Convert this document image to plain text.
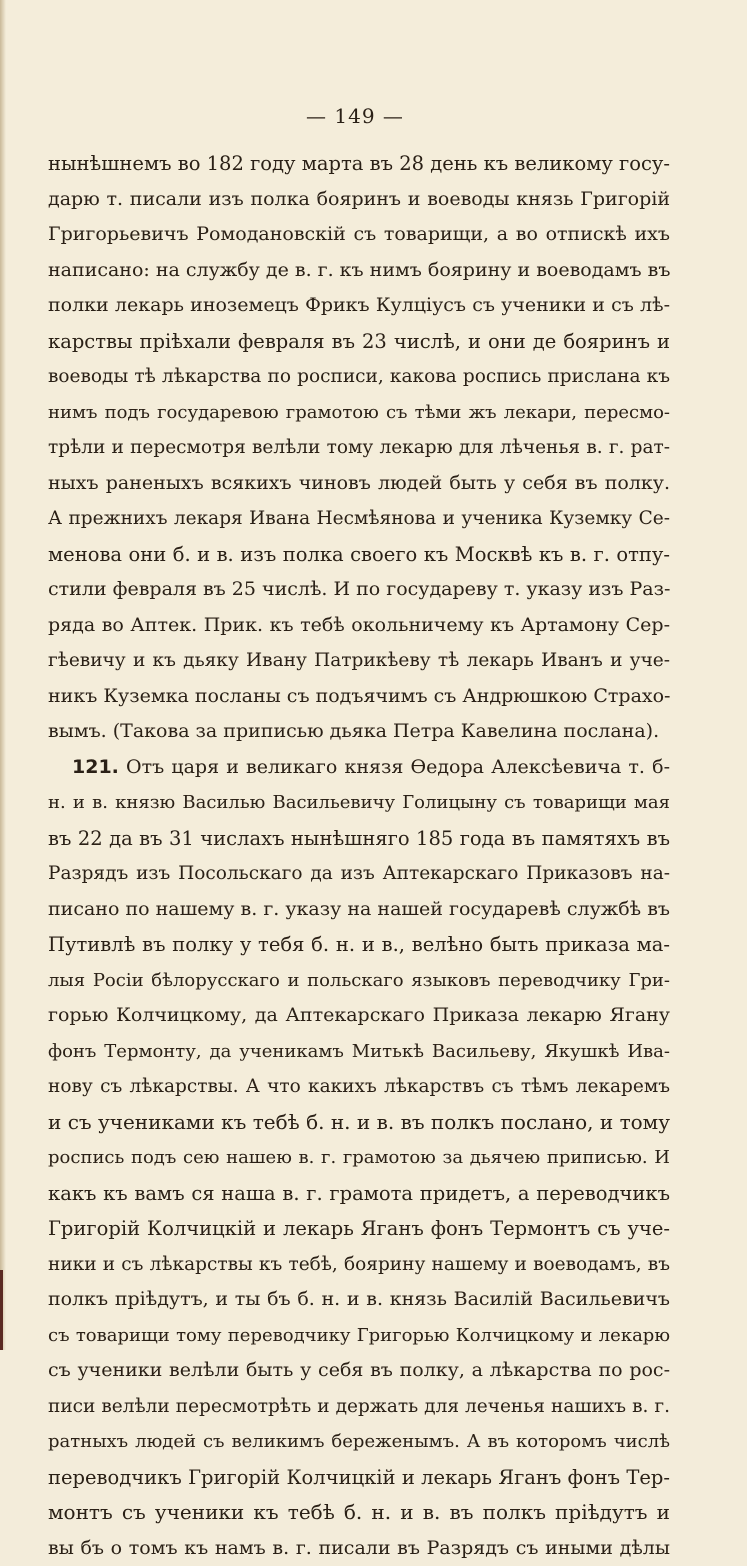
— 149 —
нынѣшнемъ во 182 году марта въ 28 день къ великому госу-
дарю т. писали изъ полка бояринъ и воеводы князь Григорій
Григорьевичъ Ромодановскій съ товарищи, а во отпискѣ ихъ
написано: на службу де в. г. къ нимъ боярину и воеводамъ въ
полки лекарь иноземецъ Фрикъ Кулціусъ съ ученики и съ лѣ-
карствы пріѣхали февраля въ 23 числѣ, и они де бояринъ и
воеводы тѣ лѣкарства по росписи, какова роспись прислана къ
нимъ подъ государевою грамотою съ тѣми жъ лекари, пересмо-
трѣли и пересмотря велѣли тому лекарю для лѣченья в. г. рат-
ныхъ раненыхъ всякихъ чиновъ людей быть у себя въ полку.
А прежнихъ лекаря Ивана Несмѣянова и ученика Куземку Се-
менова они б. и в. изъ полка своего къ Москвѣ къ в. г. отпу-
стили февраля въ 25 числѣ. И по государеву т. указу изъ Раз-
ряда во Аптек. Прик. къ тебѣ окольничему къ Артамону Сер-
гѣевичу и къ дьяку Ивану Патрикѣеву тѣ лекарь Иванъ и уче-
никъ Куземка посланы съ подъячимъ съ Андрюшкою Страхо-
вымъ. (Такова за приписью дьяка Петра Кавелина послана).
121. Отъ царя и великаго князя Ѳедора Алексѣевича т. б-
н. и в. князю Василью Васильевичу Голицыну съ товарищи мая
въ 22 да въ 31 числахъ нынѣшняго 185 года въ памятяхъ въ
Разрядъ изъ Посольскаго да изъ Аптекарскаго Приказовъ на-
писано по нашему в. г. указу на нашей государевѣ службѣ въ
Путивлѣ въ полку у тебя б. н. и в., велѣно быть приказа ма-
лыя Росіи бѣлорусскаго и польскаго языковъ переводчику Гри-
горью Колчицкому, да Аптекарскаго Приказа лекарю Ягану
фонъ Термонту, да ученикамъ Митькѣ Васильеву, Якушкѣ Ива-
нову съ лѣкарствы. А что какихъ лѣкарствъ съ тѣмъ лекаремъ
и съ учениками къ тебѣ б. н. и в. въ полкъ послано, и тому
роспись подъ сею нашею в. г. грамотою за дьячею приписью. И
какъ къ вамъ ся наша в. г. грамота придетъ, а переводчикъ
Григорій Колчицкій и лекарь Яганъ фонъ Термонтъ съ уче-
ники и съ лѣкарствы къ тебѣ, боярину нашему и воеводамъ, въ
полкъ пріѣдутъ, и ты бъ б. н. и в. князь Василій Васильевичъ
съ товарищи тому переводчику Григорью Колчицкому и лекарю
съ ученики велѣли быть у себя въ полку, а лѣкарства по рос-
писи велѣли пересмотрѣть и держать для леченья нашихъ в. г.
ратныхъ людей съ великимъ береженымъ. А въ которомъ числѣ
переводчикъ Григорій Колчицкій и лекарь Яганъ фонъ Тер-
монтъ съ ученики къ тебѣ б. н. и в. въ полкъ пріѣдутъ и
вы бъ о томъ къ намъ в. г. писали въ Разрядъ съ иными дѣлы
